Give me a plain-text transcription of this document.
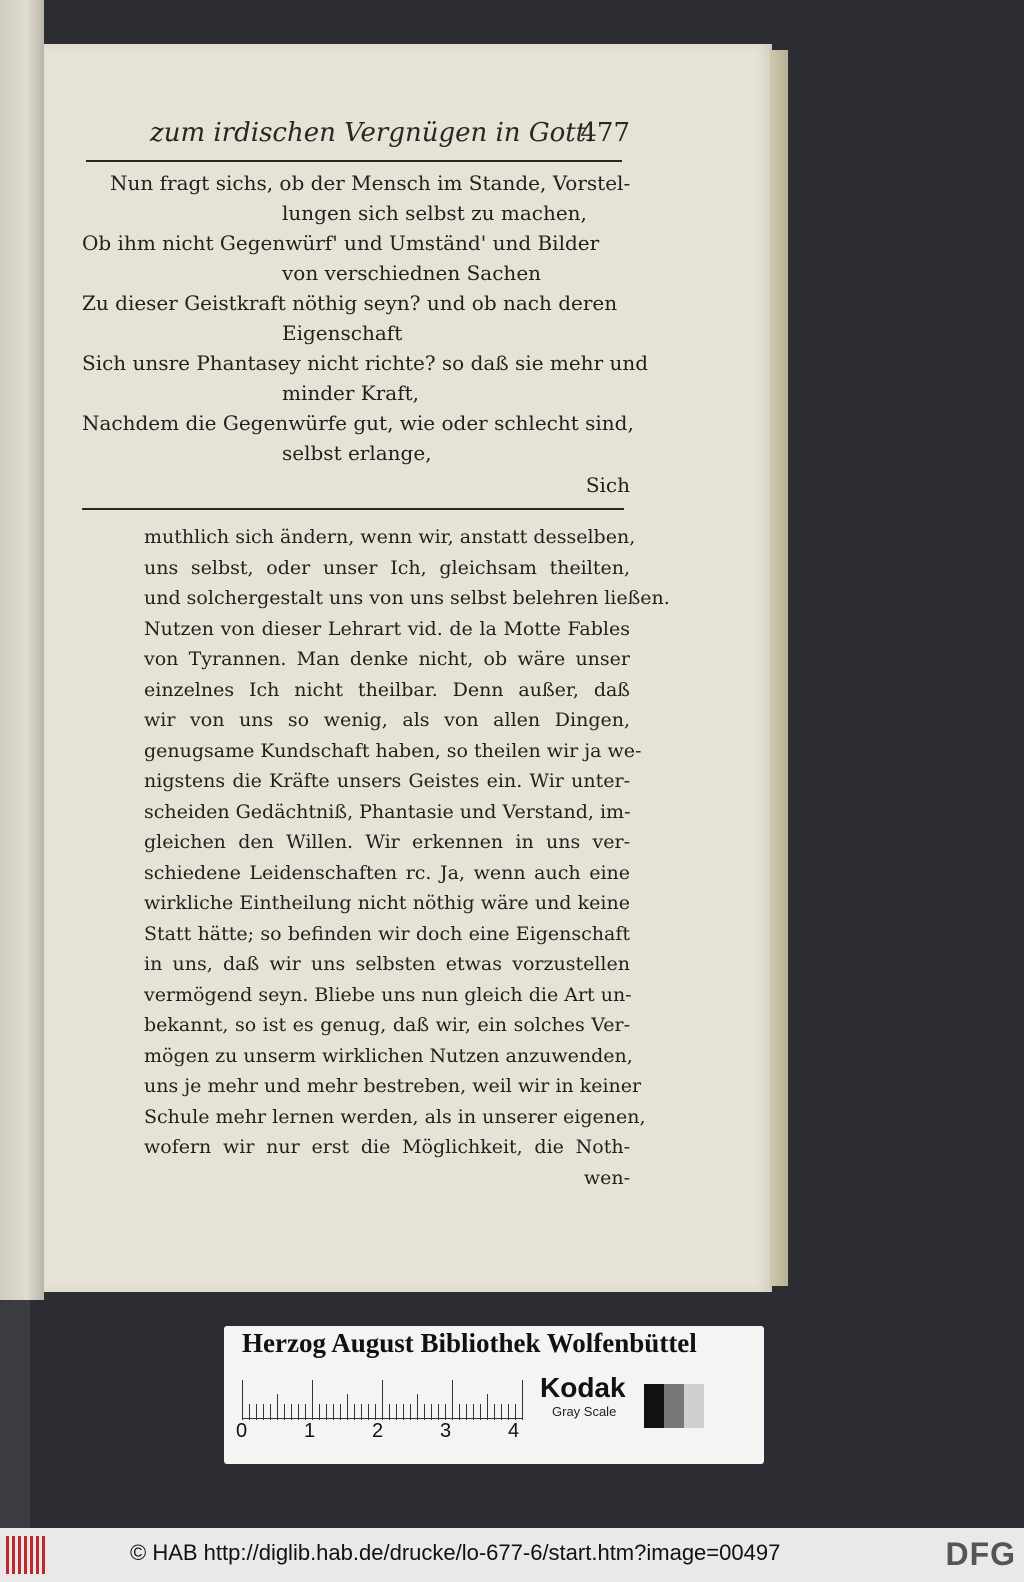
zum irdischen Vergnügen in Gott.
477
Nun fragt sichs, ob der Mensch im Stande, Vorstel-
lungen sich selbst zu machen,
Ob ihm nicht Gegenwürf' und Umständ' und Bilder
von verschiednen Sachen
Zu dieser Geistkraft nöthig seyn? und ob nach deren
Eigenschaft
Sich unsre Phantasey nicht richte? so daß sie mehr und
minder Kraft,
Nachdem die Gegenwürfe gut, wie oder schlecht sind,
selbst erlange,
Sich
muthlich sich ändern, wenn wir, anstatt desselben,
uns selbst, oder unser Ich, gleichsam theilten,
und solchergestalt uns von uns selbst belehren ließen.
Nutzen von dieser Lehrart vid. de la Motte Fables
von Tyrannen. Man denke nicht, ob wäre unser
einzelnes Ich nicht theilbar. Denn außer, daß
wir von uns so wenig, als von allen Dingen,
genugsame Kundschaft haben, so theilen wir ja we-
nigstens die Kräfte unsers Geistes ein. Wir unter-
scheiden Gedächtniß, Phantasie und Verstand, im-
gleichen den Willen. Wir erkennen in uns ver-
schiedene Leidenschaften rc. Ja, wenn auch eine
wirkliche Eintheilung nicht nöthig wäre und keine
Statt hätte; so befinden wir doch eine Eigenschaft
in uns, daß wir uns selbsten etwas vorzustellen
vermögend seyn. Bliebe uns nun gleich die Art un-
bekannt, so ist es genug, daß wir, ein solches Ver-
mögen zu unserm wirklichen Nutzen anzuwenden,
uns je mehr und mehr bestreben, weil wir in keiner
Schule mehr lernen werden, als in unserer eigenen,
wofern wir nur erst die Möglichkeit, die Noth-
wen-
Herzog August Bibliothek Wolfenbüttel
0	1	2	3	4
Kodak
Gray Scale
© HAB http://diglib.hab.de/drucke/lo-677-6/start.htm?image=00497	DFG
